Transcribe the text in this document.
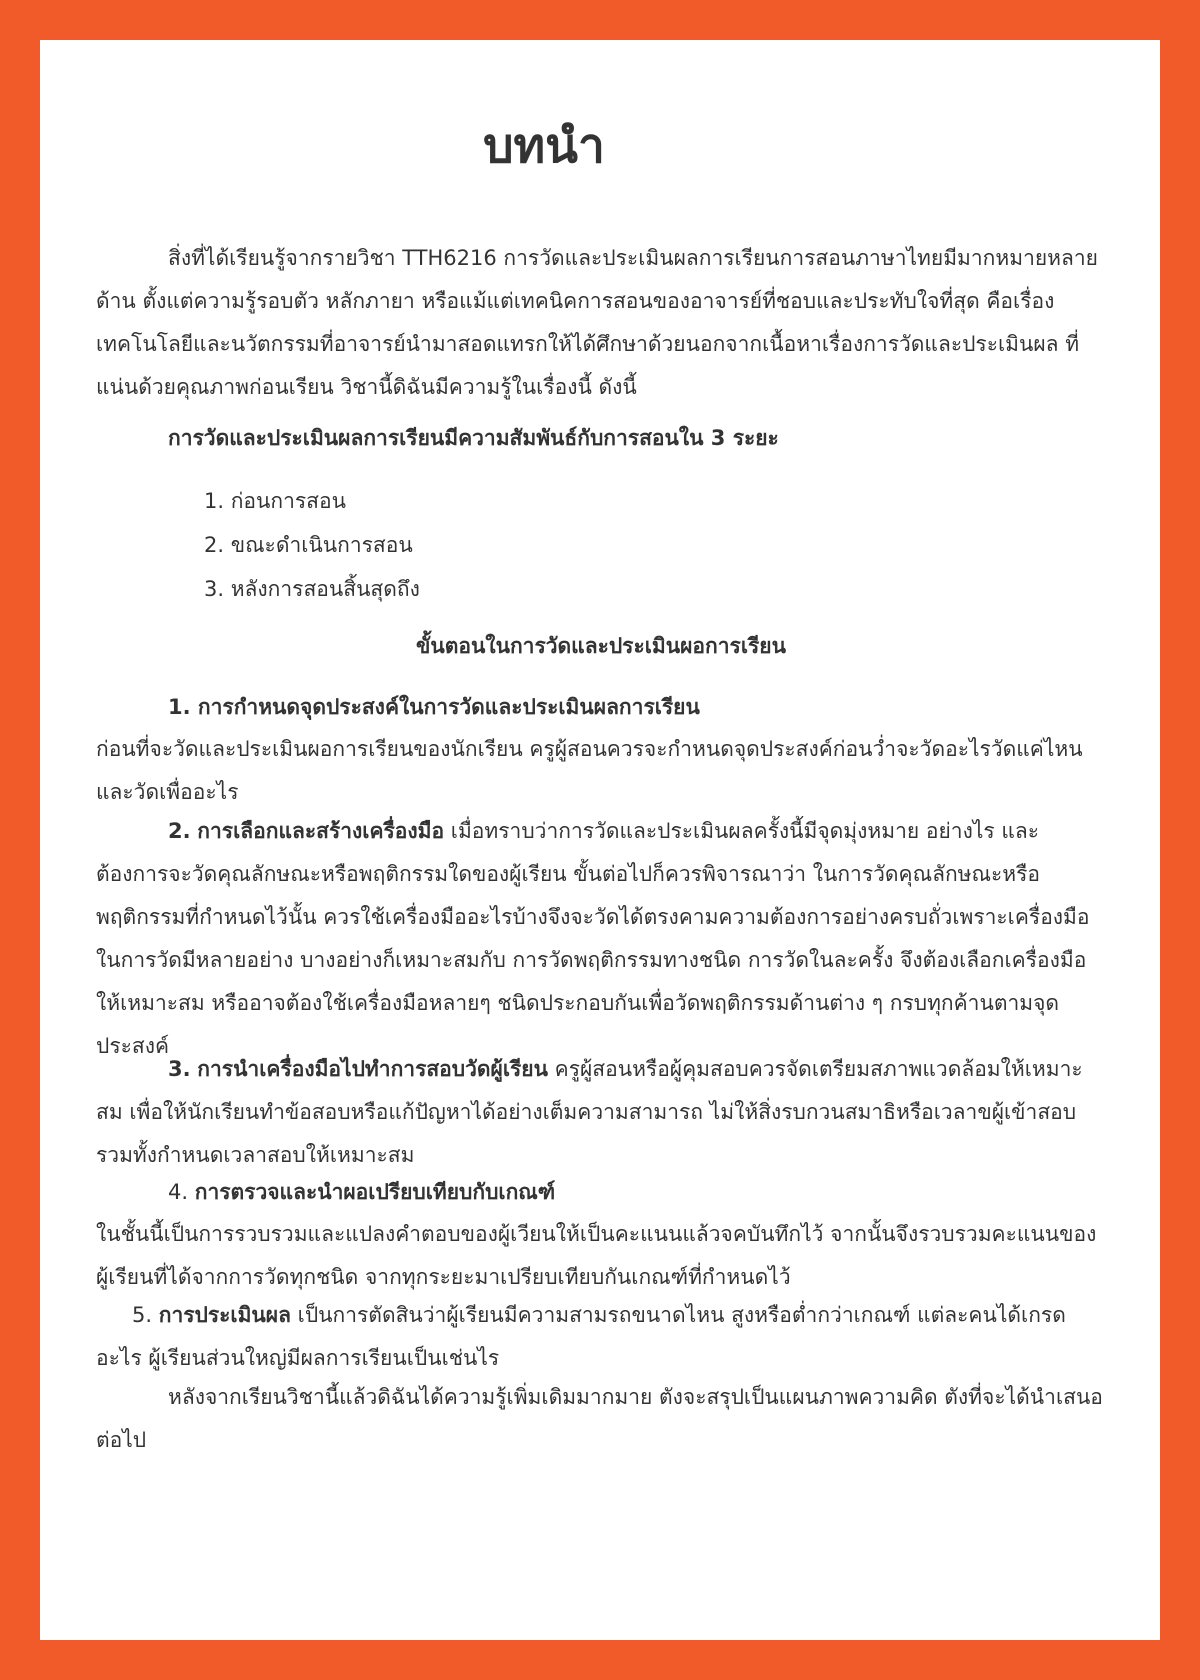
บทนำ

สิ่งที่ได้เรียนรู้จากรายวิชา TTH6216 การวัดและประเมินผลการเรียนการสอนภาษาไทยมีมากหมายหลายด้าน ตั้งแต่ความรู้รอบตัว หลักภายา หรือแม้แต่เทคนิคการสอนของอาจารย์ที่ชอบและประทับใจที่สุด คือเรื่องเทคโนโลยีและนวัตกรรมที่อาจารย์นำมาสอดแทรกให้ได้ศึกษาด้วยนอกจากเนื้อหาเรื่องการวัดและประเมินผล ที่แน่นด้วยคุณภาพก่อนเรียน วิชานี้ดิฉันมีความรู้ในเรื่องนี้ ดังนี้

การวัดและประเมินผลการเรียนมีความสัมพันธ์กับการสอนใน 3 ระยะ
1. ก่อนการสอน
2. ขณะดำเนินการสอน
3. หลังการสอนสิ้นสุดถึง
ขั้นตอนในการวัดและประเมินผอการเรียน
1. การกำหนดจุดประสงค์ในการวัดและประเมินผลการเรียน

ก่อนที่จะวัดและประเมินผอการเรียนของนักเรียน ครูผู้สอนควรจะกำหนดจุดประสงค์ก่อนว่ำจะวัดอะไรวัดแค่ไหน และวัดเพื่ออะไร

2. การเลือกและสร้างเครื่องมือ เมื่อทราบว่าการวัดและประเมินผลครั้งนี้มีจุดมุ่งหมาย อย่างไร และต้องการจะวัดคุณลักษณะหรือพฤติกรรมใดของผู้เรียน ขั้นต่อไปก็ควรพิจารณาว่า ในการวัดคุณลักษณะหรือพฤติกรรมที่กำหนดไว้นั้น ควรใช้เครื่องมืออะไรบ้างจึงจะวัดได้ตรงคามความต้องการอย่างครบถั่วเพราะเครื่องมือในการวัดมีหลายอย่าง บางอย่างก็เหมาะสมกับ การวัดพฤติกรรมทางชนิด การวัดในละครั้ง จึงต้องเลือกเครื่องมือให้เหมาะสม หรืออาจต้องใช้เครื่องมือหลายๆ ชนิดประกอบกันเพื่อวัดพฤติกรรมด้านต่าง ๆ กรบทุกค้านตามจุดประสงค์

3. การนำเครื่องมือไปทำการสอบวัดผู้เรียน ครูผู้สอนหรือผู้คุมสอบควรจัดเตรียมสภาพแวดล้อมให้เหมาะสม เพื่อให้นักเรียนทำข้อสอบหรือแก้ปัญหาได้อย่างเต็มความสามารถ ไม่ให้สิ่งรบกวนสมาธิหรือเวลาขผู้เข้าสอบ รวมทั้งกำหนดเวลาสอบให้เหมาะสม

4. การตรวจและนำผอเปรียบเทียบกับเกณฑ์

ในชั้นนี้เป็นการรวบรวมและแปลงคำตอบของผู้เวียนให้เป็นคะแนนแล้วจคบันทึกไว้ จากนั้นจึงรวบรวมคะแนนของผู้เรียนที่ได้จากการวัดทุกชนิด จากทุกระยะมาเปรียบเทียบกันเกณฑ์ที่กำหนดไว้

5. การประเมินผล เป็นการตัดสินว่าผู้เรียนมีความสามรถขนาดไหน สูงหรือต่ำกว่าเกณฑ์ แต่ละคนได้เกรดอะไร ผู้เรียนส่วนใหญ่มีผลการเรียนเป็นเช่นไร

หลังจากเรียนวิชานี้แล้วดิฉันได้ความรู้เพิ่มเดิมมากมาย ตังจะสรุปเป็นแผนภาพความคิด ตังที่จะได้นำเสนอต่อไป
